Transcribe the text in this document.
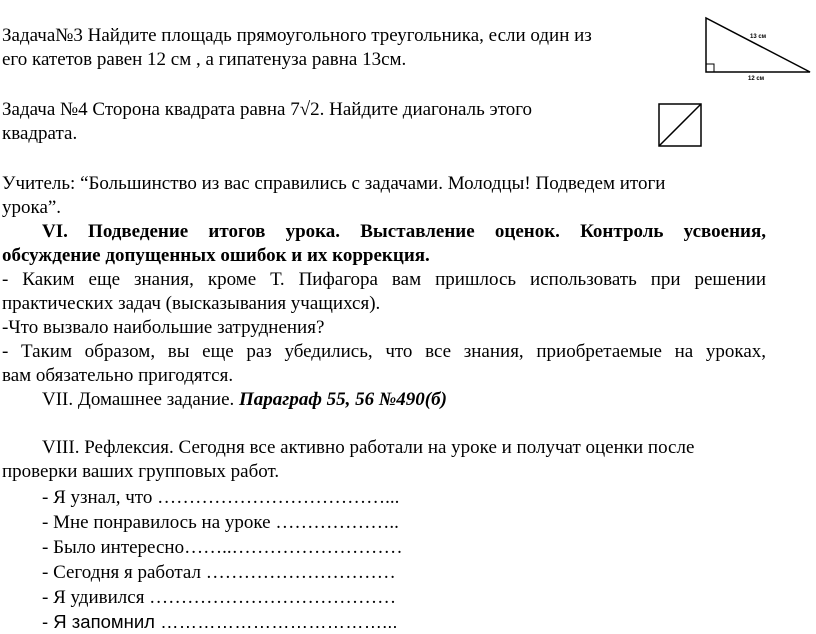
Задача№3 Найдите площадь прямоугольного треугольника, если один из
его катетов равен 12 см , а гипатенуза равна 13см.
13 см
12 см
Задача №4 Сторона квадрата равна 7√2. Найдите диагональ этого
квадрата.
Учитель: “Большинство из вас справились с задачами. Молодцы! Подведем итоги
урока”.
VI. Подведение итогов урока. Выставление оценок. Контроль усвоения,
обсуждение допущенных ошибок и их коррекция.
- Каким еще знания, кроме Т. Пифагора вам пришлось использовать при решении
практических задач (высказывания учащихся).
-Что вызвало наибольшие затруднения?
- Таким образом, вы еще раз убедились, что все знания, приобретаемые на уроках,
вам обязательно пригодятся.
VII. Домашнее задание. Параграф 55, 56 №490(б)
VIII. Рефлексия. Сегодня все активно работали на уроке и получат оценки после
проверки ваших групповых работ.
- Я узнал, что ………………………………...
- Мне понравилось на уроке ………………..
- Было интересно……..………………………
- Сегодня я работал …………………………
- Я удивился …………………………………
- Я запомнил ………………………………...
